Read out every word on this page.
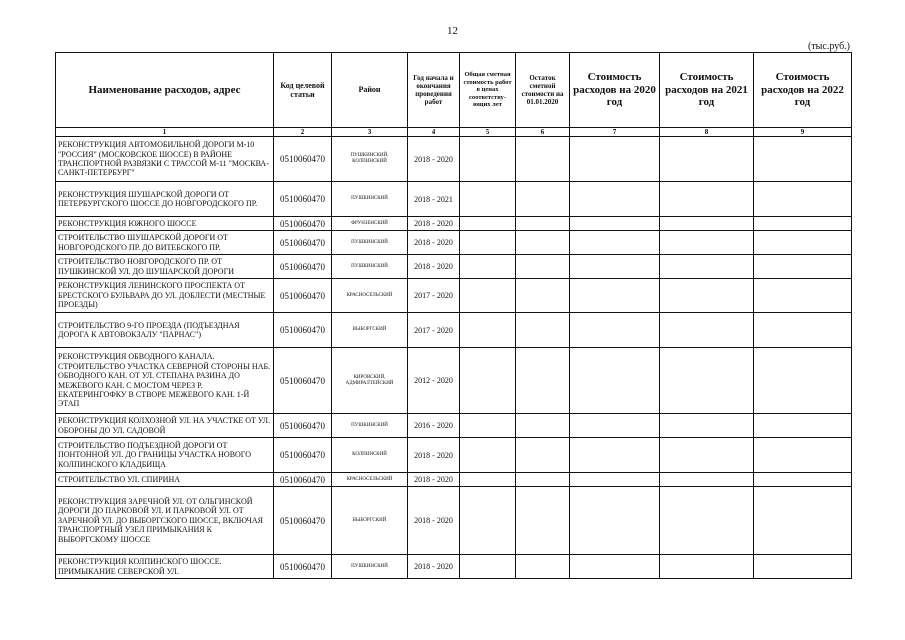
12
(тыс.руб.)
Наименование расходов, адрес	Код целевой статьи	Район	Год начала и окончания проведения работ	Общая сметная стоимость работ в ценах соответству-ющих лет	Остаток сметной стоимости на 01.01.2020	Стоимость расходов на 2020 год	Стоимость расходов на 2021 год	Стоимость расходов на 2022 год
1	2	3	4	5	6	7	8	9
РЕКОНСТРУКЦИЯ АВТОМОБИЛЬНОЙ ДОРОГИ М-10 "РОССИЯ" (МОСКОВСКОЕ ШОССЕ) В РАЙОНЕ ТРАНСПОРТНОЙ РАЗВЯЗКИ С ТРАССОЙ М-11 "МОСКВА-САНКТ-ПЕТЕРБУРГ"	0510060470	ПУШКИНСКИЙ, КОЛПИНСКИЙ	2018 - 2020					
РЕКОНСТРУКЦИЯ ШУШАРСКОЙ ДОРОГИ ОТ ПЕТЕРБУРГСКОГО ШОССЕ ДО НОВГОРОДСКОГО ПР.	0510060470	ПУШКИНСКИЙ	2018 - 2021					
РЕКОНСТРУКЦИЯ ЮЖНОГО ШОССЕ	0510060470	ФРУНЗЕНСКИЙ	2018 - 2020					
СТРОИТЕЛЬСТВО ШУШАРСКОЙ ДОРОГИ ОТ НОВГОРОДСКОГО ПР. ДО ВИТЕБСКОГО ПР.	0510060470	ПУШКИНСКИЙ	2018 - 2020					
СТРОИТЕЛЬСТВО НОВГОРОДСКОГО ПР. ОТ ПУШКИНСКОЙ УЛ. ДО ШУШАРСКОЙ ДОРОГИ	0510060470	ПУШКИНСКИЙ	2018 - 2020					
РЕКОНСТРУКЦИЯ ЛЕНИНСКОГО ПРОСПЕКТА ОТ БРЕСТСКОГО БУЛЬВАРА ДО УЛ. ДОБЛЕСТИ (МЕСТНЫЕ ПРОЕЗДЫ)	0510060470	КРАСНОСЕЛЬСКИЙ	2017 - 2020					
СТРОИТЕЛЬСТВО 9-ГО ПРОЕЗДА (ПОДЪЕЗДНАЯ ДОРОГА К АВТОВОКЗАЛУ "ПАРНАС")	0510060470	ВЫБОРГСКИЙ	2017 - 2020					
РЕКОНСТРУКЦИЯ ОБВОДНОГО КАНАЛА. СТРОИТЕЛЬСТВО УЧАСТКА СЕВЕРНОЙ СТОРОНЫ НАБ. ОБВОДНОГО КАН. ОТ УЛ. СТЕПАНА РАЗИНА ДО МЕЖЕВОГО КАН. С МОСТОМ ЧЕРЕЗ Р. ЕКАТЕРИНГОФКУ В СТВОРЕ МЕЖЕВОГО КАН. 1-Й ЭТАП	0510060470	КИРОВСКИЙ, АДМИРАЛТЕЙСКИЙ	2012 - 2020					
РЕКОНСТРУКЦИЯ КОЛХОЗНОЙ УЛ. НА УЧАСТКЕ ОТ УЛ. ОБОРОНЫ ДО УЛ. САДОВОЙ	0510060470	ПУШКИНСКИЙ	2016 - 2020					
СТРОИТЕЛЬСТВО ПОДЪЕЗДНОЙ ДОРОГИ ОТ ПОНТОННОЙ УЛ. ДО ГРАНИЦЫ УЧАСТКА НОВОГО КОЛПИНСКОГО КЛАДБИЩА	0510060470	КОЛПИНСКИЙ	2018 - 2020					
СТРОИТЕЛЬСТВО УЛ. СПИРИНА	0510060470	КРАСНОСЕЛЬСКИЙ	2018 - 2020					
РЕКОНСТРУКЦИЯ ЗАРЕЧНОЙ УЛ. ОТ ОЛЬГИНСКОЙ ДОРОГИ ДО ПАРКОВОЙ УЛ. И ПАРКОВОЙ УЛ. ОТ ЗАРЕЧНОЙ УЛ. ДО ВЫБОРГСКОГО ШОССЕ, ВКЛЮЧАЯ ТРАНСПОРТНЫЙ УЗЕЛ ПРИМЫКАНИЯ К ВЫБОРГСКОМУ ШОССЕ	0510060470	ВЫБОРГСКИЙ	2018 - 2020					
РЕКОНСТРУКЦИЯ КОЛПИНСКОГО ШОССЕ. ПРИМЫКАНИЕ СЕВЕРСКОЙ УЛ.	0510060470	ПУШКИНСКИЙ	2018 - 2020					
